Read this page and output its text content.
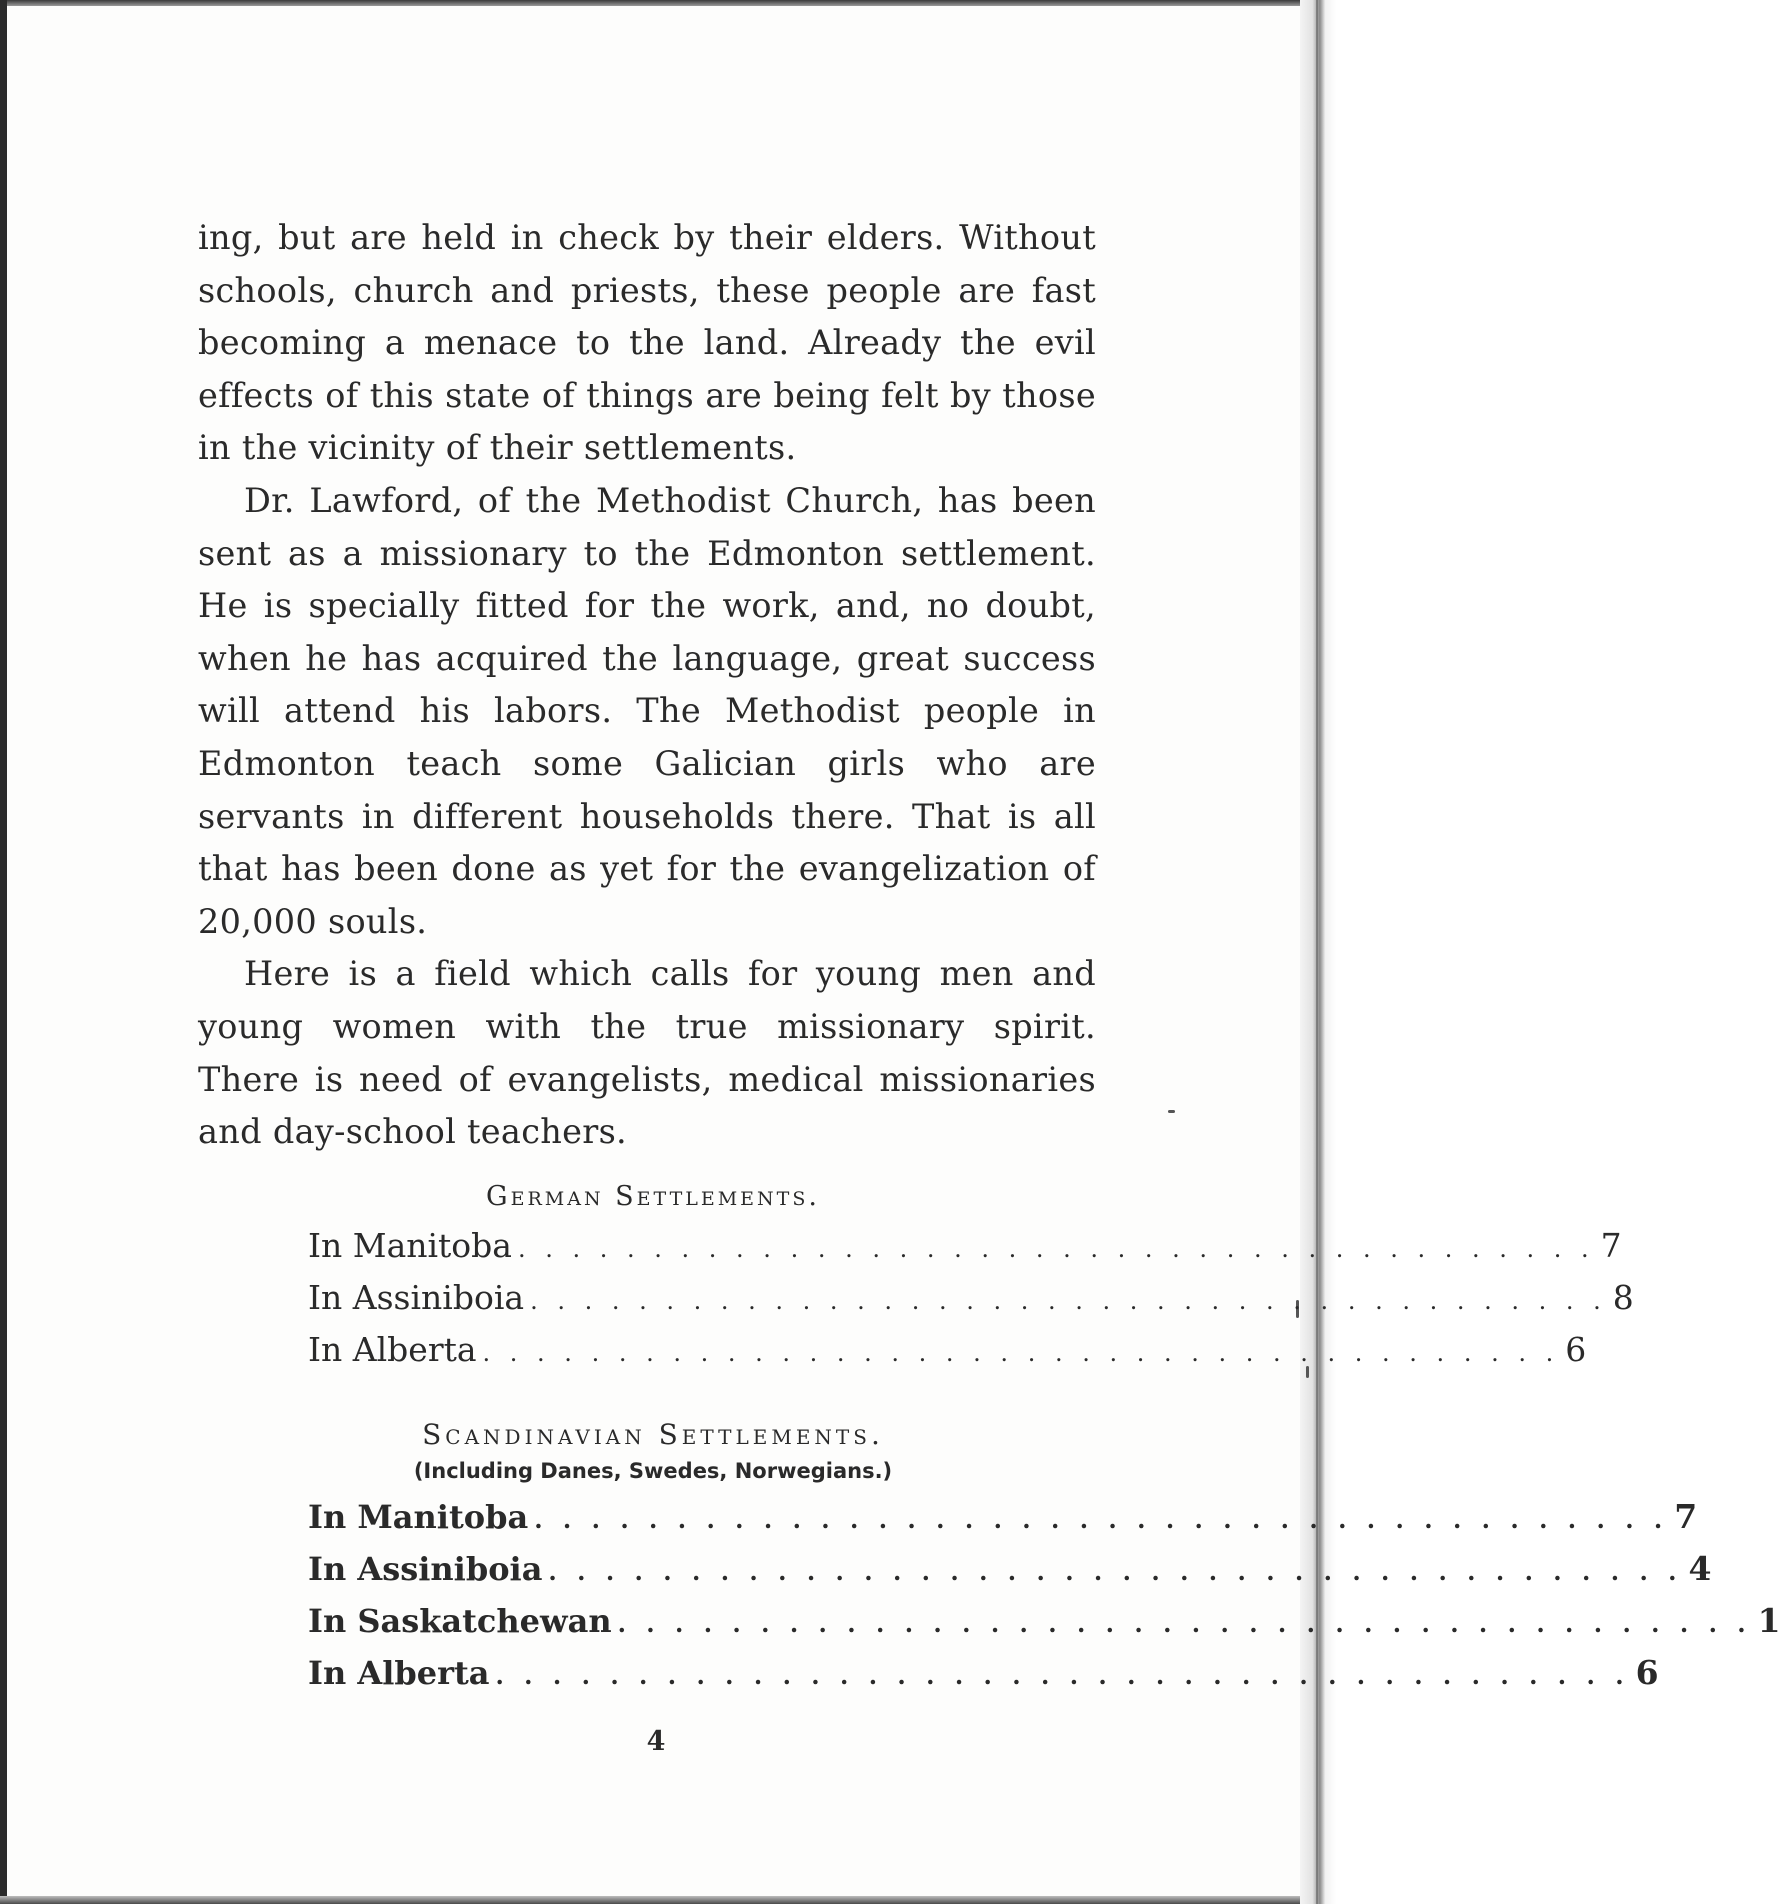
ing, but are held in check by their elders. Without schools, church and priests, these people are fast becoming a menace to the land. Already the evil effects of this state of things are being felt by those in the vicinity of their settlements.

Dr. Lawford, of the Methodist Church, has been sent as a missionary to the Edmonton settlement. He is specially fitted for the work, and, no doubt, when he has acquired the language, great success will attend his labors. The Methodist people in Edmonton teach some Galician girls who are servants in different households there. That is all that has been done as yet for the evangelization of 20,000 souls.

Here is a field which calls for young men and young women with the true missionary spirit. There is need of evangelists, medical missionaries and day-school teachers.

German Settlements.

In Manitoba . . . . . . . . . . . . . . . . . . . . . . . . . . . . . . . . . . . . . . . . 7
In Assiniboia . . . . . . . . . . . . . . . . . . . . . . . . . . . . . . . . . . . . . . . . 8
In Alberta . . . . . . . . . . . . . . . . . . . . . . . . . . . . . . . . . . . . . . . . 6

Scandinavian Settlements.

(Including Danes, Swedes, Norwegians.)

In Manitoba . . . . . . . . . . . . . . . . . . . . . . . . . . . . . . . . . . . . . . . . 7
In Assiniboia . . . . . . . . . . . . . . . . . . . . . . . . . . . . . . . . . . . . . . . . 4
In Saskatchewan . . . . . . . . . . . . . . . . . . . . . . . . . . . . . . . . . . . . . . . . 1
In Alberta . . . . . . . . . . . . . . . . . . . . . . . . . . . . . . . . . . . . . . . . 6
4
